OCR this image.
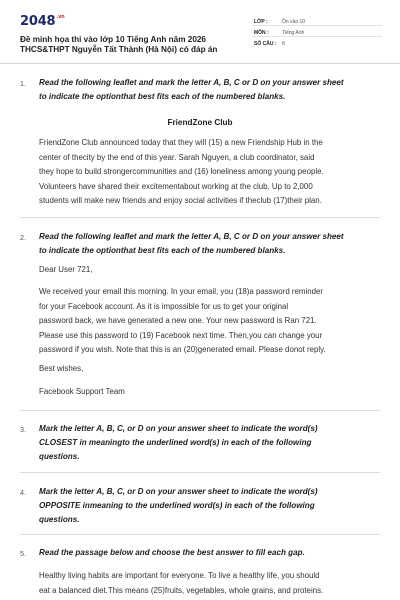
$2048^{.vn}$
Đề minh họa thi vào lớp 10 Tiếng Anh năm 2026
THCS&THPT Nguyễn Tất Thành (Hà Nội) có đáp án
LỚP :	Ôn vào 10
MÔN :	Tiếng Anh
SỐ CÂU :	8
1. Read the following leaflet and mark the letter A, B, C or D on your answer sheet
to indicate the optionthat best fits each of the numbered blanks.
FriendZone Club
FriendZone Club announced today that they will (15) a new Friendship Hub in the
center of thecity by the end of this year. Sarah Nguyen, a club coordinator, said
they hope to build strongercommunities and (16) loneliness among young people.
Volunteers have shared their excitementabout working at the club. Up to 2,000
students will make new friends and enjoy social activities if theclub (17)their plan.
2. Read the following leaflet and mark the letter A, B, C or D on your answer sheet
to indicate the optionthat best fits each of the numbered blanks.
Dear User 721,
We received your email this morning. In your email, you (18)a password reminder
for your Facebook account. As it is impossible for us to get your original
password back, we have generated a new one. Your new password is Ran 721.
Please use this password to (19) Facebook next time. Then,you can change your
password if you wish. Note that this is an (20)generated email. Please donot reply.
Best wishes,
Facebook Support Team
3. Mark the letter A, B, C, or D on your answer sheet to indicate the word(s)
CLOSEST in meaningto the underlined word(s) in each of the following
questions.
4. Mark the letter A, B, C, or D on your answer sheet to indicate the word(s)
OPPOSITE inmeaning to the underlined word(s) in each of the following
questions.
5. Read the passage below and choose the best answer to fill each gap.
Healthy living habits are important for everyone. To live a healthy life, you should
eat a balanced diet.This means (25)fruits, vegetables, whole grains, and proteins.
